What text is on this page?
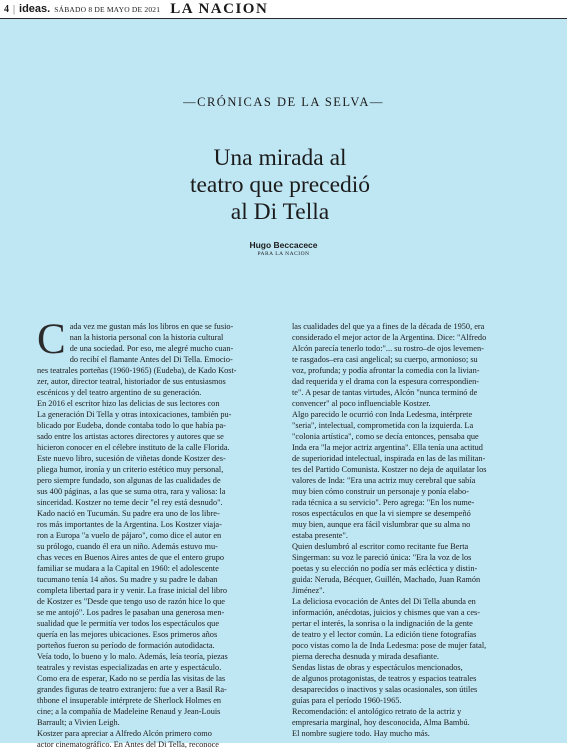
4 | ideas. SÁBADO 8 DE MAYO DE 2021 LA NACION
—CRÓNICAS DE LA SELVA—
Una mirada al
teatro que precedió
al Di Tella
Hugo Beccacece
PARA LA NACION
C ada vez me gustan más los libros en que se fusio-
nan la historia personal con la historia cultural
de una sociedad. Por eso, me alegré mucho cuan-
do recibí el flamante Antes del Di Tella. Emocio-
nes teatrales porteñas (1960-1965) (Eudeba), de Kado Kost-
zer, autor, director teatral, historiador de sus entusiasmos
escénicos y del teatro argentino de su generación.
En 2016 el escritor hizo las delicias de sus lectores con
La generación Di Tella y otras intoxicaciones, también pu-
blicado por Eudeba, donde contaba todo lo que había pa-
sado entre los artistas actores directores y autores que se
hicieron conocer en el célebre instituto de la calle Florida.
Este nuevo libro, sucesión de viñetas donde Kostzer des-
pliega humor, ironía y un criterio estético muy personal,
pero siempre fundado, son algunas de las cualidades de
sus 400 páginas, a las que se suma otra, rara y valiosa: la
sinceridad. Kostzer no teme decir "el rey está desnudo".
Kado nació en Tucumán. Su padre era uno de los libre-
ros más importantes de la Argentina. Los Kostzer viaja-
ron a Europa "a vuelo de pájaro", como dice el autor en
su prólogo, cuando él era un niño. Además estuvo mu-
chas veces en Buenos Aires antes de que el entero grupo
familiar se mudara a la Capital en 1960: el adolescente
tucumano tenía 14 años. Su madre y su padre le daban
completa libertad para ir y venir. La frase inicial del libro
de Kostzer es "Desde que tengo uso de razón hice lo que
se me antojó". Los padres le pasaban una generosa men-
sualidad que le permitía ver todos los espectáculos que
quería en las mejores ubicaciones. Esos primeros años
porteños fueron su período de formación autodidacta.
Veía todo, lo bueno y lo malo. Además, leía teoría, piezas
teatrales y revistas especializadas en arte y espectáculo.
Como era de esperar, Kado no se perdía las visitas de las
grandes figuras de teatro extranjero: fue a ver a Basil Ra-
thbone el insuperable intérprete de Sherlock Holmes en
cine; a la compañía de Madeleine Renaud y Jean-Louis
Barrault; a Vivien Leigh.
Kostzer para apreciar a Alfredo Alcón primero como
actor cinematográfico. En Antes del Di Tella, reconoce
las cualidades del que ya a fines de la década de 1950, era
considerado el mejor actor de la Argentina. Dice: "Alfredo
Alcón parecía tenerlo todo:"... su rostro–de ojos levemen-
te rasgados–era casi angelical; su cuerpo, armonioso; su
voz, profunda; y podía afrontar la comedia con la livian-
dad requerida y el drama con la espesura correspondien-
te". A pesar de tantas virtudes, Alcón "nunca terminó de
convencer" al poco influenciable Kostzer.
Algo parecido le ocurrió con Inda Ledesma, intérprete
"seria", intelectual, comprometida con la izquierda. La
"colonia artística", como se decía entonces, pensaba que
Inda era "la mejor actriz argentina". Ella tenía una actitud
de superioridad intelectual, inspirada en las de las militan-
tes del Partido Comunista. Kostzer no deja de aquilatar los
valores de Inda: "Era una actriz muy cerebral que sabía
muy bien cómo construir un personaje y ponía elabo-
rada técnica a su servicio". Pero agrega: "En los nume-
rosos espectáculos en que la vi siempre se desempeñó
muy bien, aunque era fácil vislumbrar que su alma no
estaba presente".
Quien deslumbró al escritor como recitante fue Berta
Singerman: su voz le pareció única: "Era la voz de los
poetas y su elección no podía ser más ecléctica y distin-
guida: Neruda, Bécquer, Guillén, Machado, Juan Ramón
Jiménez".
La deliciosa evocación de Antes del Di Tella abunda en
información, anécdotas, juicios y chismes que van a ces-
pertar el interés, la sonrisa o la indignación de la gente
de teatro y el lector común. La edición tiene fotografías
poco vistas como la de Inda Ledesma: pose de mujer fatal,
pierna derecha desnuda y mirada desafiante.
Sendas listas de obras y espectáculos mencionados,
de algunos protagonistas, de teatros y espacios teatrales
desaparecidos o inactivos y salas ocasionales, son útiles
guías para el período 1960-1965.
Recomendación: el antológico retrato de la actriz y
empresaria marginal, hoy desconocida, Alma Bambú.
El nombre sugiere todo. Hay mucho más.
